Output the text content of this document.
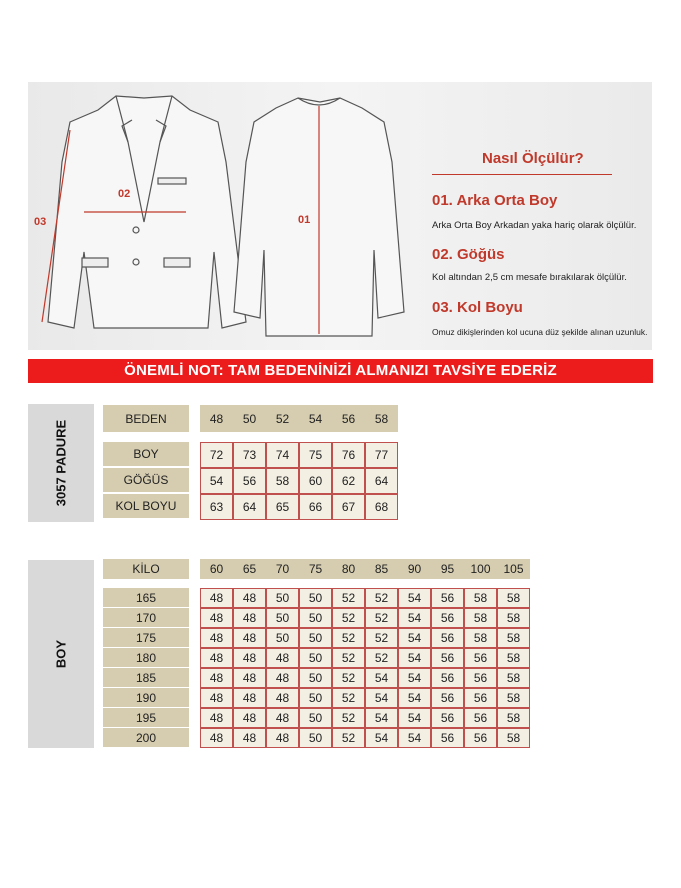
02
03	01
Nasıl Ölçülür?
01. Arka Orta Boy
Arka Orta Boy Arkadan yaka hariç olarak ölçülür.
02. Göğüs
Kol altından 2,5 cm mesafe bırakılarak ölçülür.
03. Kol Boyu
Omuz dikişlerinden kol ucuna düz şekilde alınan uzunluk.
ÖNEMLİ NOT: TAM BEDENİNİZİ ALMANIZI TAVSİYE EDERİZ
3057 PADURE
BEDEN	48	50	52	54	56	58
BOY	72	73	74	75	76	77
GÖĞÜS	54	56	58	60	62	64
KOL BOYU	63	64	65	66	67	68
BOY
KİLO	60	65	70	75	80	85	90	95	100	105
165	48	48	50	50	52	52	54	56	58	58
170	48	48	50	50	52	52	54	56	58	58
175	48	48	50	50	52	52	54	56	58	58
180	48	48	48	50	52	52	54	56	56	58
185	48	48	48	50	52	54	54	56	56	58
190	48	48	48	50	52	54	54	56	56	58
195	48	48	48	50	52	54	54	56	56	58
200	48	48	48	50	52	54	54	56	56	58
